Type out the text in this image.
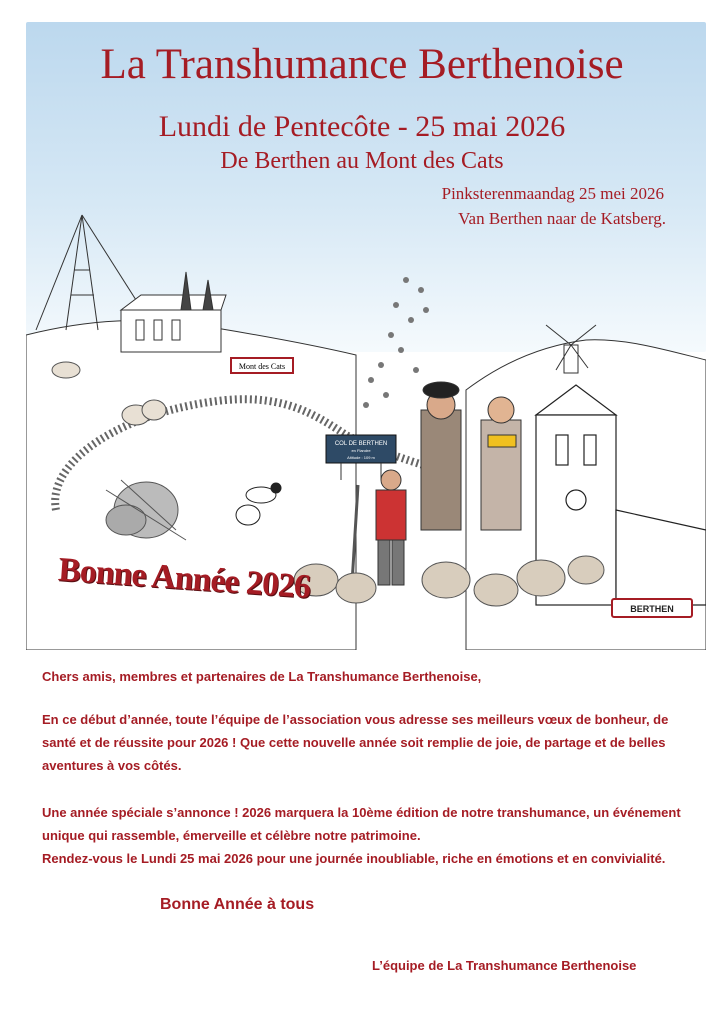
La Transhumance Berthenoise
Lundi de Pentecôte - 25 mai 2026
De Berthen au Mont des Cats
Pinksterenmaandag 25 mei 2026
Van Berthen naar de Katsberg.
Mont des Cats
COL DE BERTHEN
en Flandre
Altitude : 109 m
BERTHEN
Bonne Année 2026
Chers amis, membres et partenaires de La Transhumance Berthenoise,
En ce début d’année, toute l’équipe de l’association vous adresse ses meilleurs vœux de bonheur, de santé et de réussite pour 2026 ! Que cette nouvelle année soit remplie de joie, de partage et de belles aventures à vos côtés.
Une année spéciale s’annonce ! 2026 marquera la 10ème édition de notre transhumance, un événement unique qui rassemble, émerveille et célèbre notre patrimoine.
Rendez-vous le Lundi 25 mai 2026 pour une journée inoubliable, riche en émotions et en convivialité.
Bonne Année à tous
L’équipe de La Transhumance Berthenoise
